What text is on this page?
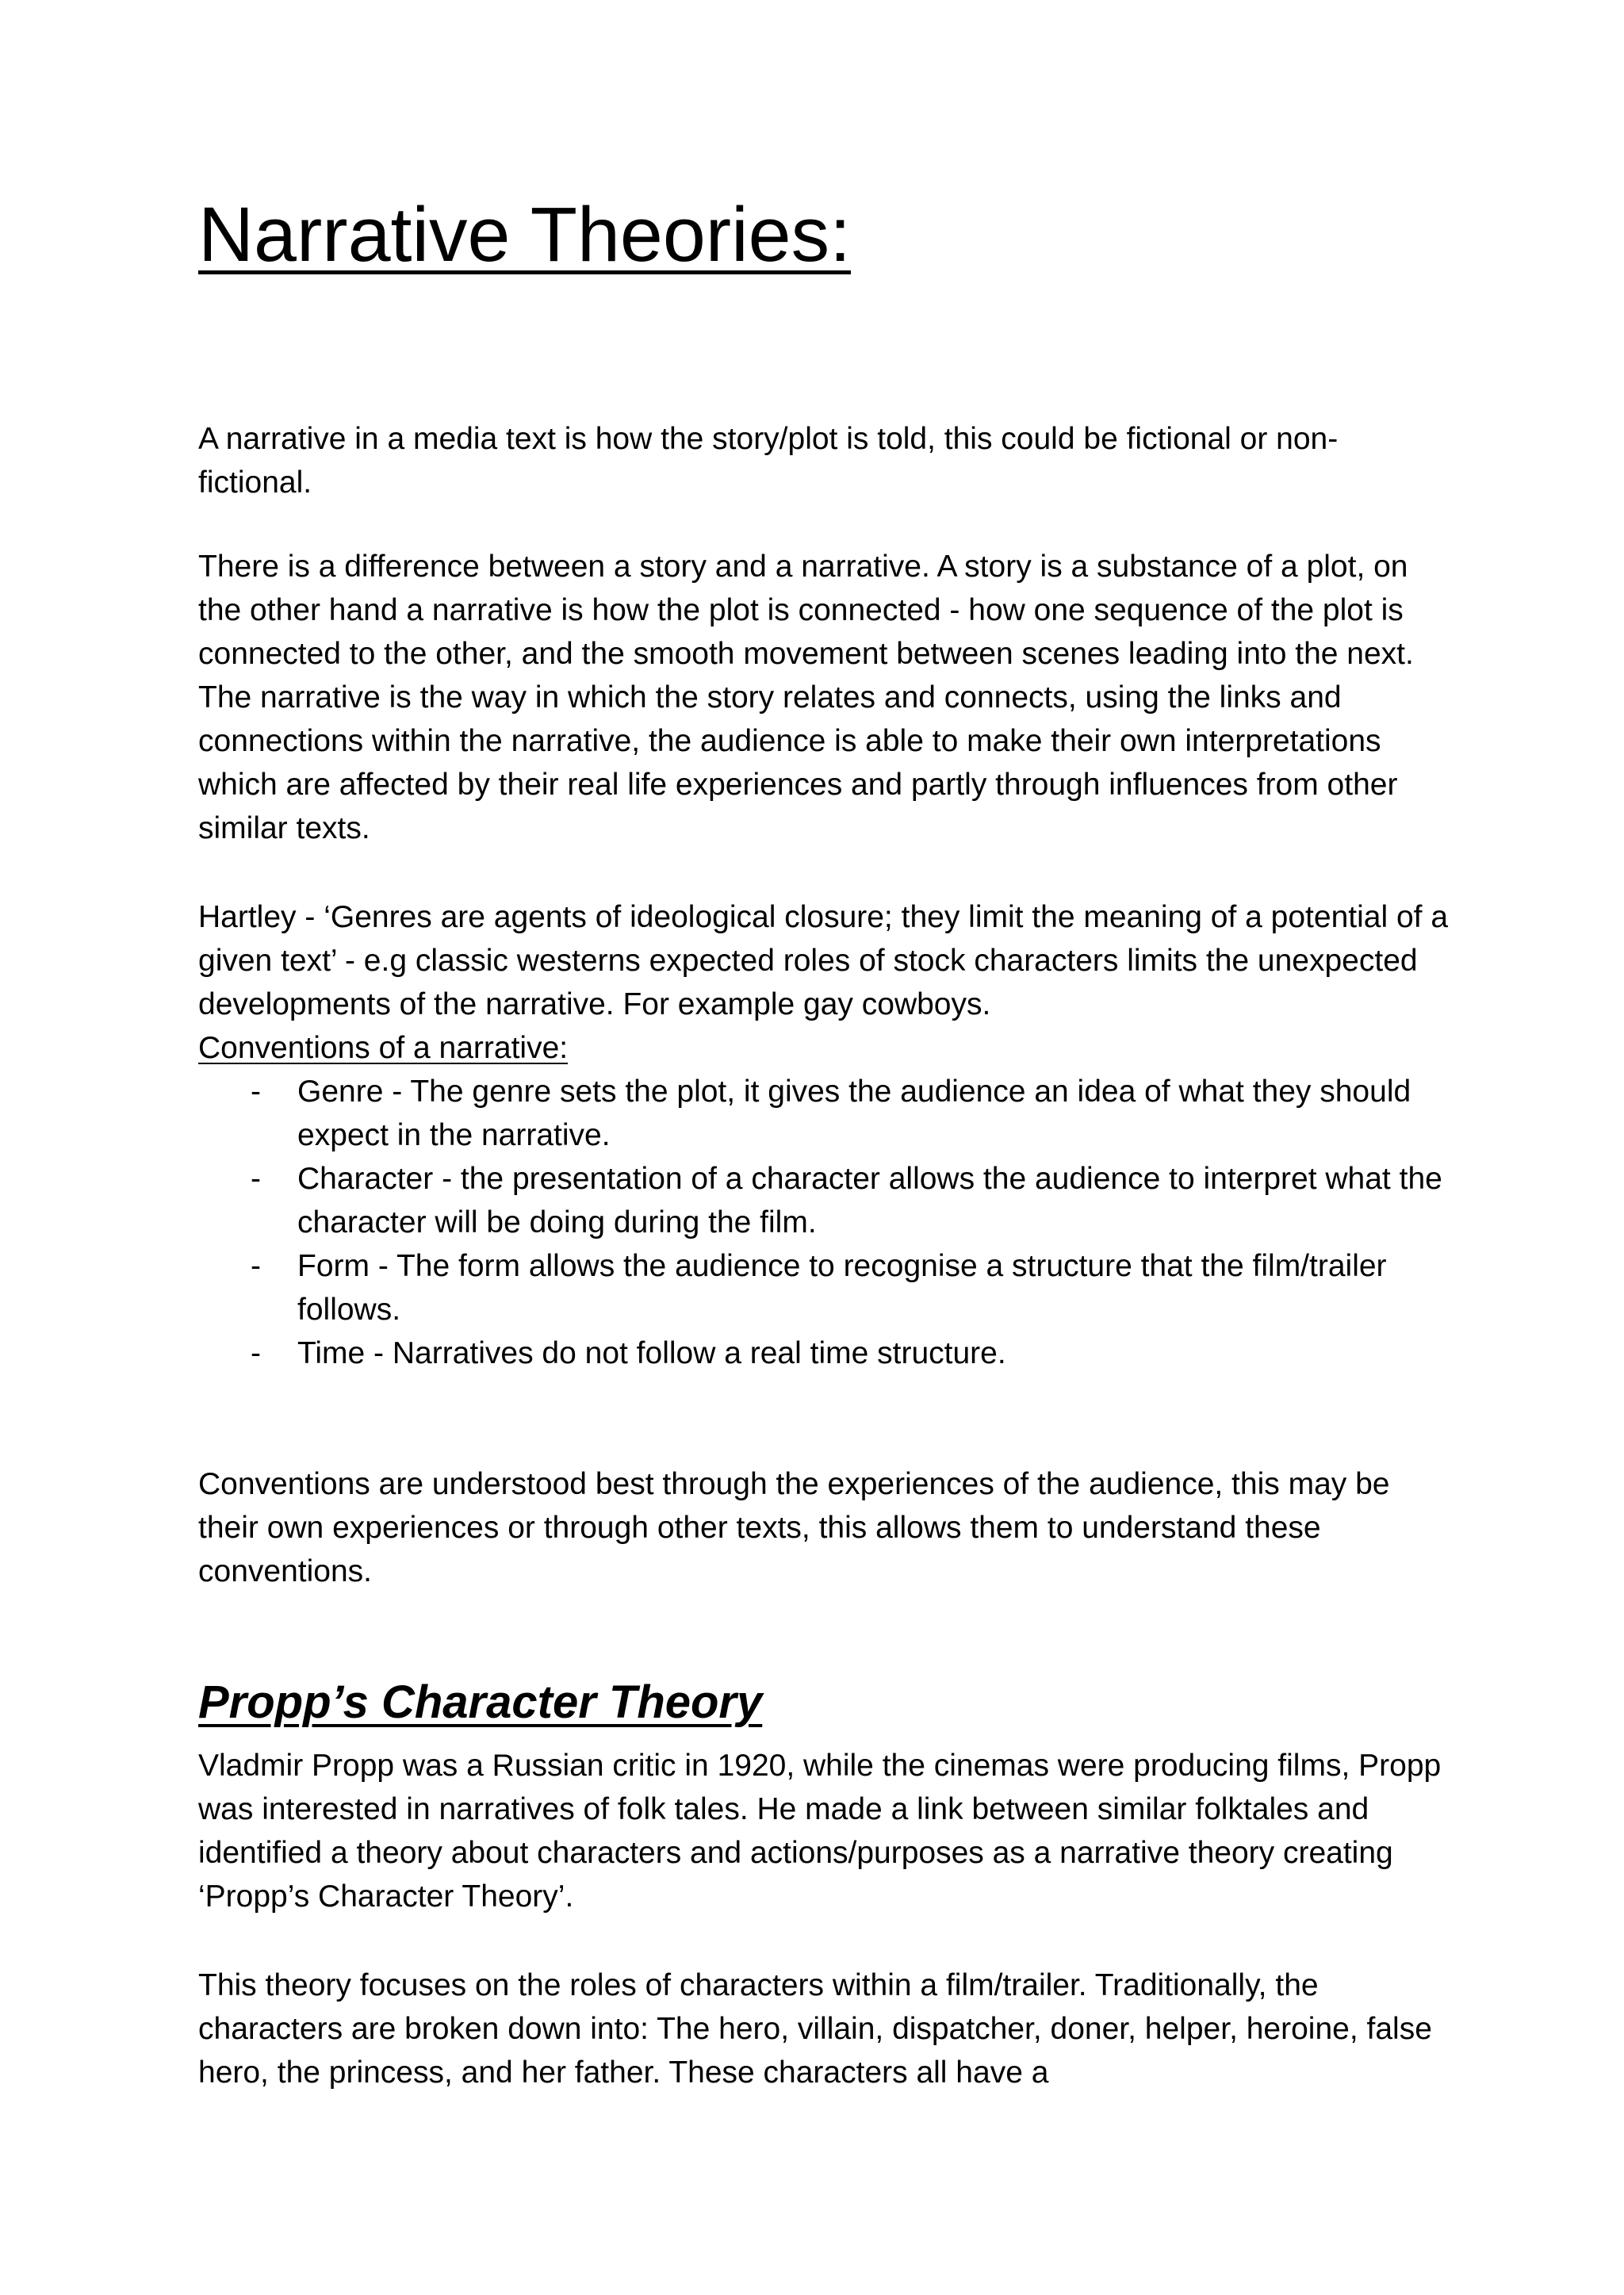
Narrative Theories:

A narrative in a media text is how the story/plot is told, this could be fictional or non-fictional.

There is a difference between a story and a narrative. A story is a substance of a plot, on the other hand a narrative is how the plot is connected - how one sequence of the plot is connected to the other, and the smooth movement between scenes leading into the next. The narrative is the way in which the story relates and connects, using the links and connections within the narrative, the audience is able to make their own interpretations which are affected by their real life experiences and partly through influences from other similar texts.

Hartley - ‘Genres are agents of ideological closure; they limit the meaning of a potential of a given text’ - e.g classic westerns expected roles of stock characters limits the unexpected developments of the narrative. For example gay cowboys.

Conventions of a narrative:

- Genre - The genre sets the plot, it gives the audience an idea of what they should expect in the narrative.
- Character - the presentation of a character allows the audience to interpret what the character will be doing during the film.
- Form - The form allows the audience to recognise a structure that the film/trailer follows.
- Time - Narratives do not follow a real time structure.

Conventions are understood best through the experiences of the audience, this may be their own experiences or through other texts, this allows them to understand these conventions.

Propp’s Character Theory

Vladmir Propp was a Russian critic in 1920, while the cinemas were producing films, Propp was interested in narratives of folk tales. He made a link between similar folktales and identified a theory about characters and actions/purposes as a narrative theory creating ‘Propp’s Character Theory’.

This theory focuses on the roles of characters within a film/trailer. Traditionally, the characters are broken down into: The hero, villain, dispatcher, doner, helper, heroine, false hero, the princess, and her father. These characters all have a
